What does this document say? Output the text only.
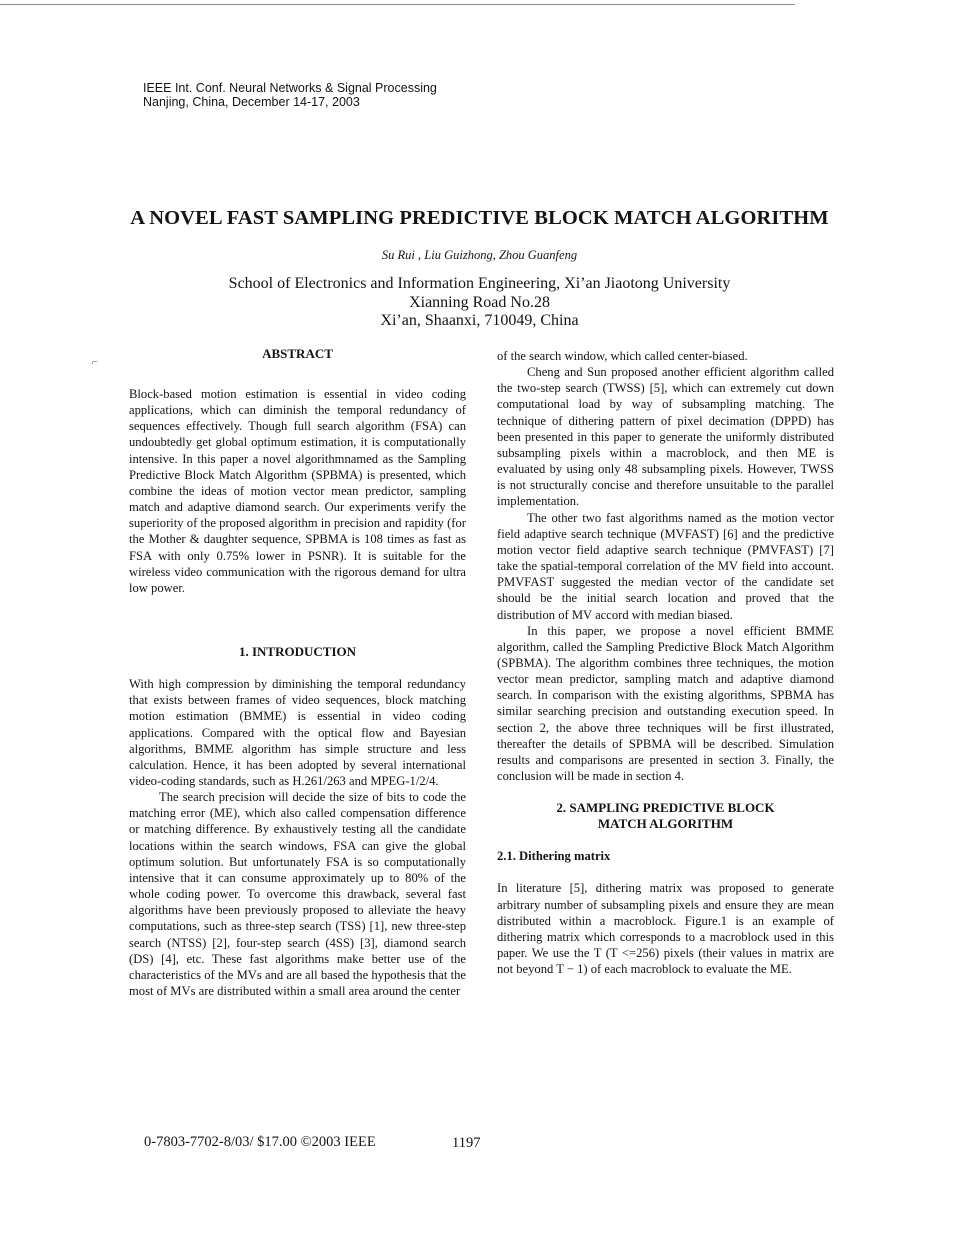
IEEE Int. Conf. Neural Networks & Signal Processing
Nanjing, China, December 14-17, 2003
A NOVEL FAST SAMPLING PREDICTIVE BLOCK MATCH ALGORITHM
Su Rui , Liu Guizhong, Zhou Guanfeng
School of Electronics and Information Engineering, Xi’an Jiaotong University
Xianning Road No.28
Xi’an, Shaanxi, 710049, China
⌐
ABSTRACT

Block-based motion estimation is essential in video coding applications, which can diminish the temporal redundancy of sequences effectively. Though full search algorithm (FSA) can undoubtedly get global optimum estimation, it is computationally intensive. In this paper a novel algorithmnamed as the Sampling Predictive Block Match Algorithm (SPBMA) is presented, which combine the ideas of motion vector mean predictor, sampling match and adaptive diamond search. Our experiments verify the superiority of the proposed algorithm in precision and rapidity (for the Mother & daughter sequence, SPBMA is 108 times as fast as FSA with only 0.75% lower in PSNR). It is suitable for the wireless video communication with the rigorous demand for ultra low power.

1. INTRODUCTION

With high compression by diminishing the temporal redundancy that exists between frames of video sequences, block matching motion estimation (BMME) is essential in video coding applications. Compared with the optical flow and Bayesian algorithms, BMME algorithm has simple structure and less calculation. Hence, it has been adopted by several international video-coding standards, such as H.261/263 and MPEG-1/2/4.

The search precision will decide the size of bits to code the matching error (ME), which also called compensation difference or matching difference. By exhaustively testing all the candidate locations within the search windows, FSA can give the global optimum solution. But unfortunately FSA is so computationally intensive that it can consume approximately up to 80% of the whole coding power. To overcome this drawback, several fast algorithms have been previously proposed to alleviate the heavy computations, such as three-step search (TSS) [1], new three-step search (NTSS) [2], four-step search (4SS) [3], diamond search (DS) [4], etc. These fast algorithms make better use of the characteristics of the MVs and are all based the hypothesis that the most of MVs are distributed within a small area around the center

of the search window, which called center-biased.

Cheng and Sun proposed another efficient algorithm called the two-step search (TWSS) [5], which can extremely cut down computational load by way of subsampling matching. The technique of dithering pattern of pixel decimation (DPPD) has been presented in this paper to generate the uniformly distributed subsampling pixels within a macroblock, and then ME is evaluated by using only 48 subsampling pixels. However, TWSS is not structurally concise and therefore unsuitable to the parallel implementation.

The other two fast algorithms named as the motion vector field adaptive search technique (MVFAST) [6] and the predictive motion vector field adaptive search technique (PMVFAST) [7] take the spatial-temporal correlation of the MV field into account. PMVFAST suggested the median vector of the candidate set should be the initial search location and proved that the distribution of MV accord with median biased.

In this paper, we propose a novel efficient BMME algorithm, called the Sampling Predictive Block Match Algorithm (SPBMA). The algorithm combines three techniques, the motion vector mean predictor, sampling match and adaptive diamond search. In comparison with the existing algorithms, SPBMA has similar searching precision and outstanding execution speed. In section 2, the above three techniques will be first illustrated, thereafter the details of SPBMA will be described. Simulation results and comparisons are presented in section 3. Finally, the conclusion will be made in section 4.

2. SAMPLING PREDICTIVE BLOCK
MATCH ALGORITHM
2.1. Dithering matrix

In literature [5], dithering matrix was proposed to generate arbitrary number of subsampling pixels and ensure they are mean distributed within a macroblock. Figure.1 is an example of dithering matrix which corresponds to a macroblock used in this paper. We use the T (T <=256) pixels (their values in matrix are not beyond T − 1) of each macroblock to evaluate the ME.

0-7803-7702-8/03/ $17.00 ©2003 IEEE	1197
